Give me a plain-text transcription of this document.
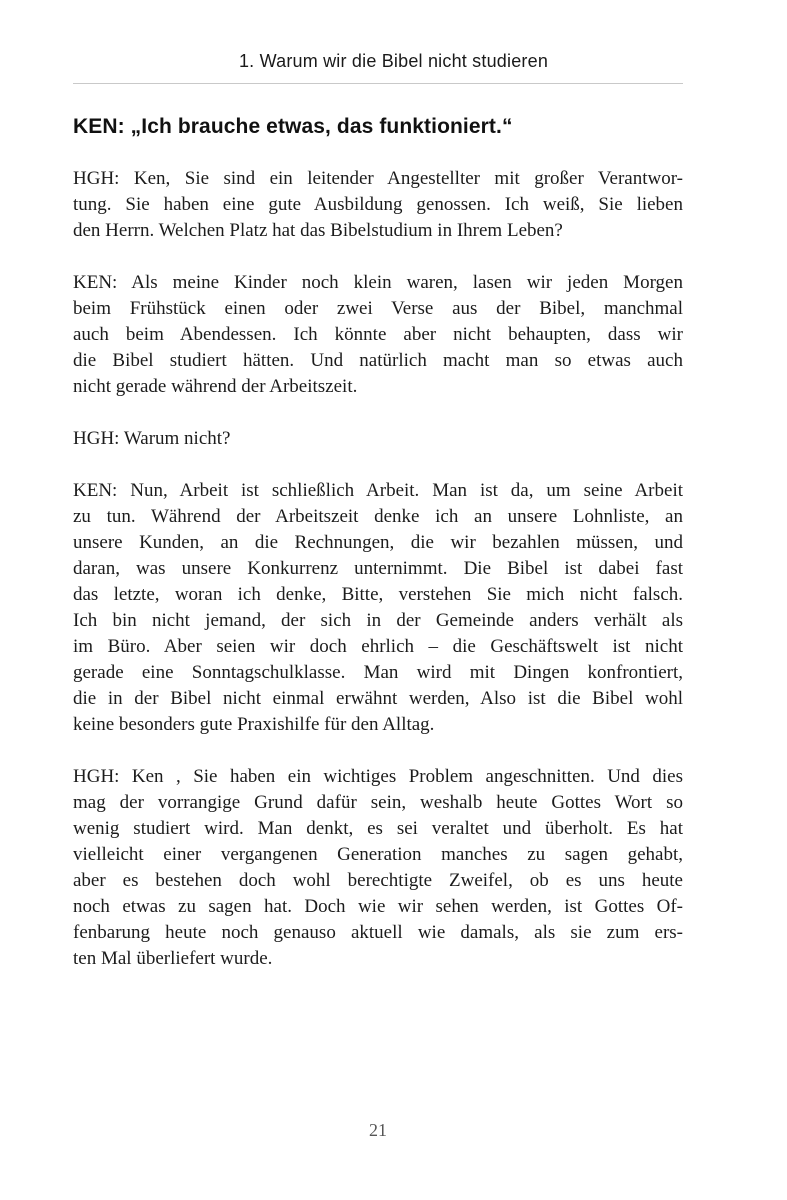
1. Warum wir die Bibel nicht studieren
KEN: „Ich brauche etwas, das funktioniert.“

HGH: Ken, Sie sind ein leitender Angestellter mit großer Verantwor-
tung. Sie haben eine gute Ausbildung genossen. Ich weiß, Sie lieben
den Herrn. Welchen Platz hat das Bibelstudium in Ihrem Leben?

KEN: Als meine Kinder noch klein waren, lasen wir jeden Morgen
beim Frühstück einen oder zwei Verse aus der Bibel, manchmal
auch beim Abendessen. Ich könnte aber nicht behaupten, dass wir
die Bibel studiert hätten. Und natürlich macht man so etwas auch
nicht gerade während der Arbeitszeit.

HGH: Warum nicht?

KEN: Nun, Arbeit ist schließlich Arbeit. Man ist da, um seine Arbeit
zu tun. Während der Arbeitszeit denke ich an unsere Lohnliste, an
unsere Kunden, an die Rechnungen, die wir bezahlen müssen, und
daran, was unsere Konkurrenz unternimmt. Die Bibel ist dabei fast
das letzte, woran ich denke, Bitte, verstehen Sie mich nicht falsch.
Ich bin nicht jemand, der sich in der Gemeinde anders verhält als
im Büro. Aber seien wir doch ehrlich – die Geschäftswelt ist nicht
gerade eine Sonntagschulklasse. Man wird mit Dingen konfrontiert,
die in der Bibel nicht einmal erwähnt werden, Also ist die Bibel wohl
keine besonders gute Praxishilfe für den Alltag.

HGH: Ken , Sie haben ein wichtiges Problem angeschnitten. Und dies
mag der vorrangige Grund dafür sein, weshalb heute Gottes Wort so
wenig studiert wird. Man denkt, es sei veraltet und überholt. Es hat
vielleicht einer vergangenen Generation manches zu sagen gehabt,
aber es bestehen doch wohl berechtigte Zweifel, ob es uns heute
noch etwas zu sagen hat. Doch wie wir sehen werden, ist Gottes Of-
fenbarung heute noch genauso aktuell wie damals, als sie zum ers-
ten Mal überliefert wurde.

21
